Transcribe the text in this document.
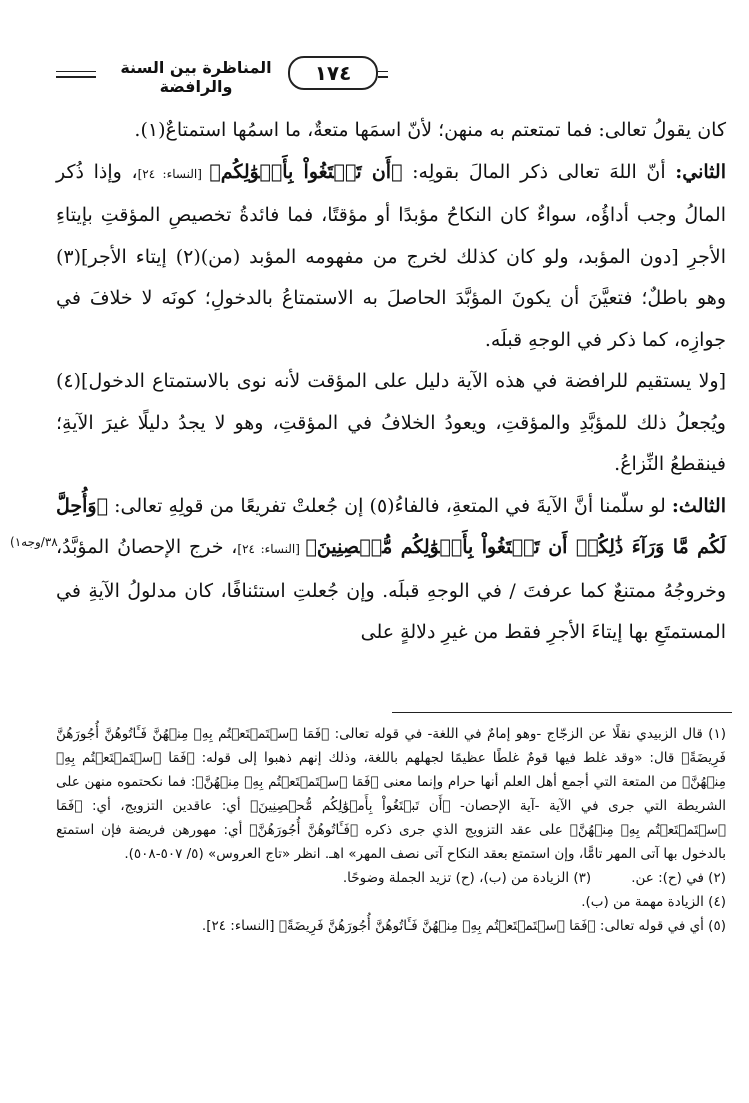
المناظرة بين السنة والرافضة
١٧٤
٣٨/وجه١)

كان يقولُ تعالى: فما تمتعتم به منهن؛ لأنّ اسمَها متعةٌ، ما اسمُها استمتاعٌ(١).

الثاني: أنّ اللهَ تعالى ذكر المالَ بقولِه: ﴿أَن تَبۡتَغُواْ بِأَمۡوَٰلِكُم﴾ [النساء: ٢٤]، وإذا ذُكر المالُ وجب أداؤُه، سواءٌ كان النكاحُ مؤبدًا أو مؤقتًا، فما فائدةُ تخصيصِ المؤقتِ بإيتاءِ الأجرِ [دون المؤبد، ولو كان كذلك لخرج من مفهومه المؤبد (من)(٢) إيتاء الأجر](٣) وهو باطلٌ؛ فتعيَّنَ أن يكونَ المؤبَّدَ الحاصلَ به الاستمتاعُ بالدخولِ؛ كونَه لا خلافَ في جوازِه، كما ذكر في الوجهِ قبلَه.

[ولا يستقيم للرافضة في هذه الآية دليل على المؤقت لأنه نوى بالاستمتاع الدخول](٤) ويُجعلُ ذلك للمؤبَّدِ والمؤقتِ، ويعودُ الخلافُ في المؤقتِ، وهو لا يجدُ دليلًا غيرَ الآيةِ؛ فينقطعُ النِّزاعُ.

الثالث: لو سلّمنا أنَّ الآيةَ في المتعةِ، فالفاءُ(٥) إن جُعلتْ تفريعًا من قولِهِ تعالى: ﴿وَأُحِلَّ لَكُم مَّا وَرَآءَ ذَٰلِكُمۡ أَن تَبۡتَغُواْ بِأَمۡوَٰلِكُم مُّحۡصِنِينَ﴾ [النساء: ٢٤]، خرج الإحصانُ المؤبَّدُ، وخروجُهُ ممتنعٌ كما عرفتَ / في الوجهِ قبلَه. وإن جُعلتِ استئنافًا، كان مدلولُ الآيةِ في المستمتَعِ بها إيتاءَ الأجرِ فقط من غيرِ دلالةٍ على

(١) قال الزبيدي نقلًا عن الزجّاج -وهو إمامٌ في اللغة- في قوله تعالى: ﴿فَمَا ٱسۡتَمۡتَعۡتُم بِهِۦ مِنۡهُنَّ فَـَٔاتُوهُنَّ أُجُورَهُنَّ فَرِيضَةً﴾ قال: «وقد غلط فيها قومٌ غلطًا عظيمًا لجهلهم باللغة، وذلك إنهم ذهبوا إلى قوله: ﴿فَمَا ٱسۡتَمۡتَعۡتُم بِهِۦ مِنۡهُنَّ﴾ من المتعة التي أجمع أهل العلم أنها حرام وإنما معنى ﴿فَمَا ٱسۡتَمۡتَعۡتُم بِهِۦ مِنۡهُنَّ﴾: فما نكحتموه منهن على الشريطة التي جرى في الآية -آية الإحصان- ﴿أَن تَبۡتَغُواْ بِأَمۡوَٰلِكُم مُّحۡصِنِينَ﴾ أي: عاقدين التزويج، أي: ﴿فَمَا ٱسۡتَمۡتَعۡتُم بِهِۦ مِنۡهُنَّ﴾ على عقد التزويج الذي جرى ذكره ﴿فَـَٔاتُوهُنَّ أُجُورَهُنَّ﴾ أي: مهورهن فريضة فإن استمتع بالدخول بها آتى المهر تامًّا، وإن استمتع بعقد النكاح آتى نصف المهر» اهـ. انظر «تاج العروس» (٥/ ٥٠٧-٥٠٨).

(٢) في (ح): عن.
(٣) الزيادة من (ب)، (ح) تزيد الجملة وضوحًا.

(٤) الزيادة مهمة من (ب).

(٥) أي في قوله تعالى: ﴿فَمَا ٱسۡتَمۡتَعۡتُم بِهِۦ مِنۡهُنَّ فَـَٔاتُوهُنَّ أُجُورَهُنَّ فَرِيضَةً﴾ [النساء: ٢٤].
